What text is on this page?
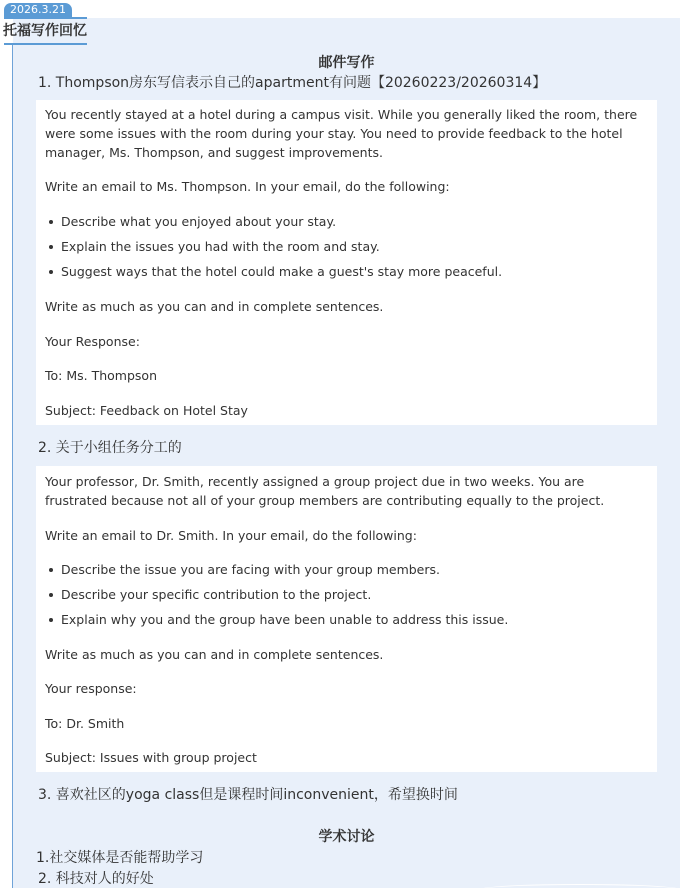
2026.3.21
托福写作回忆
邮件写作
1. Thompson房东写信表示自己的apartment有问题【20260223/20260314】

You recently stayed at a hotel during a campus visit. While you generally liked the room, there were some issues with the room during your stay. You need to provide feedback to the hotel manager, Ms. Thompson, and suggest improvements.

Write an email to Ms. Thompson. In your email, do the following:

Describe what you enjoyed about your stay.
Explain the issues you had with the room and stay.
Suggest ways that the hotel could make a guest's stay more peaceful.

Write as much as you can and in complete sentences.

Your Response:

To: Ms. Thompson

Subject: Feedback on Hotel Stay

2. 关于小组任务分工的

Your professor, Dr. Smith, recently assigned a group project due in two weeks. You are frustrated because not all of your group members are contributing equally to the project.

Write an email to Dr. Smith. In your email, do the following:

Describe the issue you are facing with your group members.
Describe your specific contribution to the project.
Explain why you and the group have been unable to address this issue.

Write as much as you can and in complete sentences.

Your response:

To: Dr. Smith

Subject: Issues with group project

3. 喜欢社区的yoga class但是课程时间inconvenient，希望换时间
学术讨论
1.社交媒体是否能帮助学习
2. 科技对人的好处
